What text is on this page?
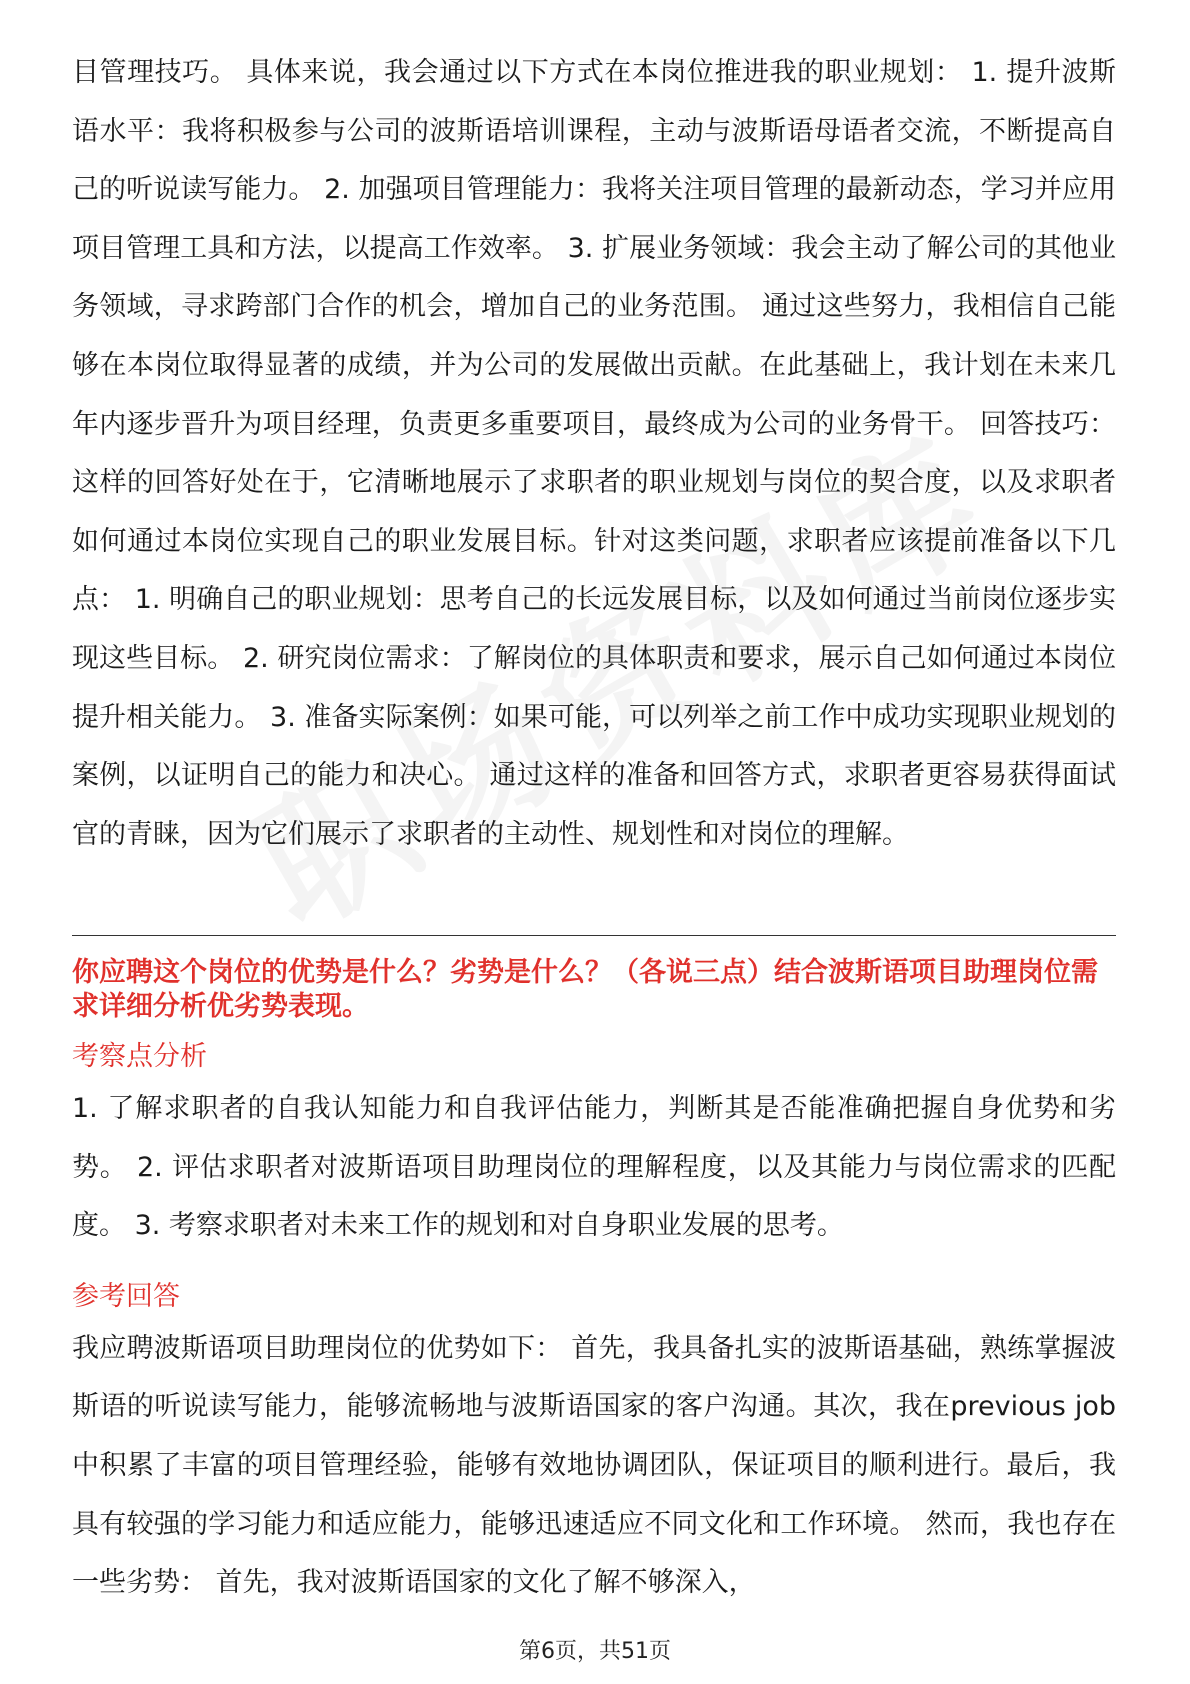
目管理技巧。 具体来说，我会通过以下方式在本岗位推进我的职业规划： 1. 提升波斯语水平：我将积极参与公司的波斯语培训课程，主动与波斯语母语者交流，不断提高自己的听说读写能力。 2. 加强项目管理能力：我将关注项目管理的最新动态，学习并应用项目管理工具和方法，以提高工作效率。 3. 扩展业务领域：我会主动了解公司的其他业务领域，寻求跨部门合作的机会，增加自己的业务范围。 通过这些努力，我相信自己能够在本岗位取得显著的成绩，并为公司的发展做出贡献。在此基础上，我计划在未来几年内逐步晋升为项目经理，负责更多重要项目，最终成为公司的业务骨干。 回答技巧： 这样的回答好处在于，它清晰地展示了求职者的职业规划与岗位的契合度，以及求职者如何通过本岗位实现自己的职业发展目标。针对这类问题，求职者应该提前准备以下几点： 1. 明确自己的职业规划：思考自己的长远发展目标，以及如何通过当前岗位逐步实现这些目标。 2. 研究岗位需求：了解岗位的具体职责和要求，展示自己如何通过本岗位提升相关能力。 3. 准备实际案例：如果可能，可以列举之前工作中成功实现职业规划的案例，以证明自己的能力和决心。 通过这样的准备和回答方式，求职者更容易获得面试官的青睐，因为它们展示了求职者的主动性、规划性和对岗位的理解。

你应聘这个岗位的优势是什么？劣势是什么？（各说三点）结合波斯语项目助理岗位需求详细分析优劣势表现。

考察点分析

1. 了解求职者的自我认知能力和自我评估能力，判断其是否能准确把握自身优势和劣势。 2. 评估求职者对波斯语项目助理岗位的理解程度，以及其能力与岗位需求的匹配度。 3. 考察求职者对未来工作的规划和对自身职业发展的思考。

参考回答

我应聘波斯语项目助理岗位的优势如下： 首先，我具备扎实的波斯语基础，熟练掌握波斯语的听说读写能力，能够流畅地与波斯语国家的客户沟通。其次，我在previous job 中积累了丰富的项目管理经验，能够有效地协调团队，保证项目的顺利进行。最后，我具有较强的学习能力和适应能力，能够迅速适应不同文化和工作环境。 然而，我也存在一些劣势： 首先，我对波斯语国家的文化了解不够深入，

第6页，共51页
